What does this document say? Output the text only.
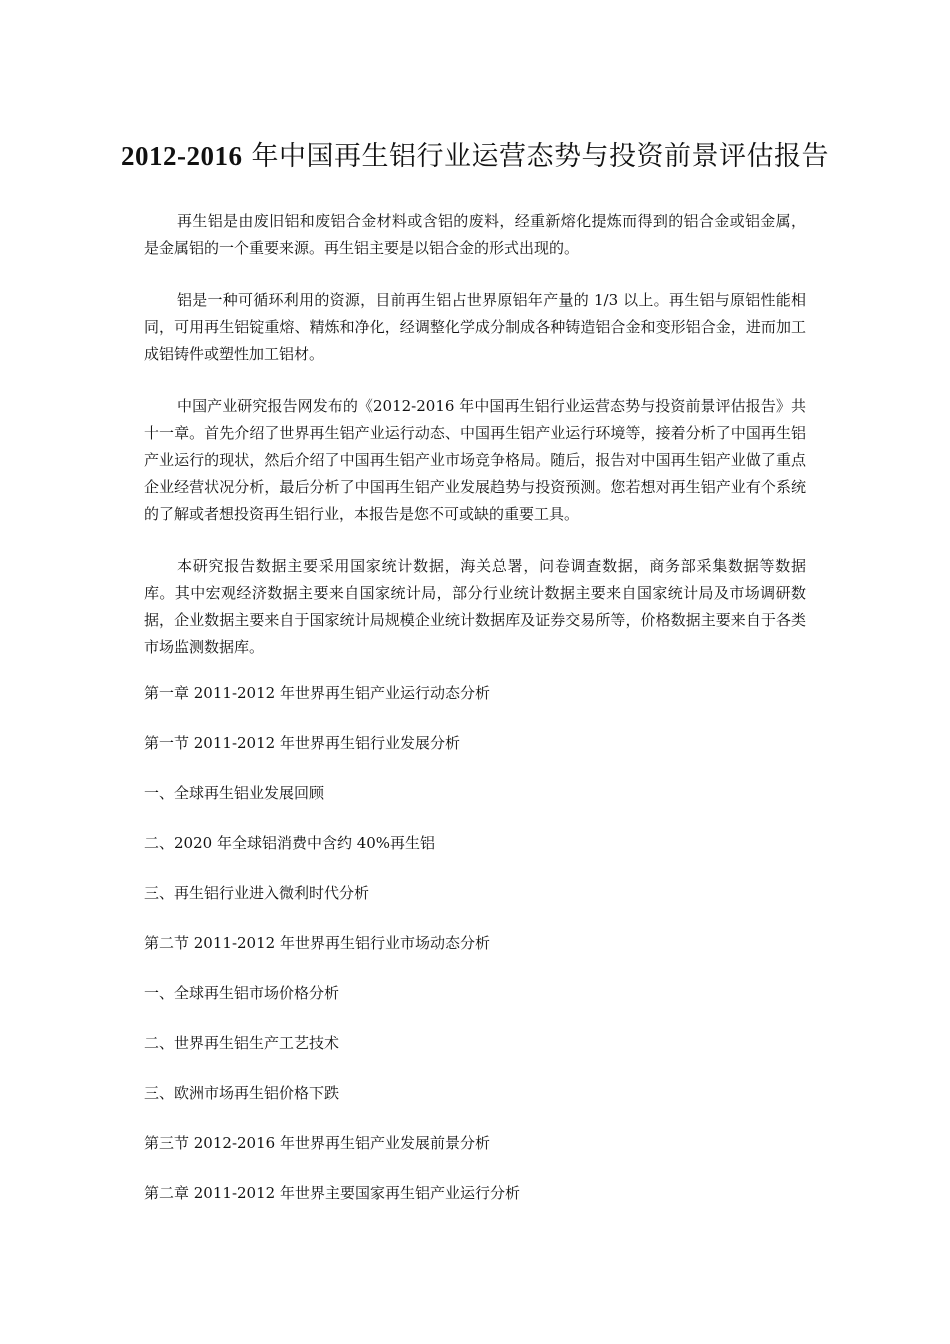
2012-2016 年中国再生铝行业运营态势与投资前景评估报告

再生铝是由废旧铝和废铝合金材料或含铝的废料，经重新熔化提炼而得到的铝合金或铝金属，是金属铝的一个重要来源。再生铝主要是以铝合金的形式出现的。

铝是一种可循环利用的资源，目前再生铝占世界原铝年产量的 1/3 以上。再生铝与原铝性能相同，可用再生铝锭重熔、精炼和净化，经调整化学成分制成各种铸造铝合金和变形铝合金，进而加工成铝铸件或塑性加工铝材。

中国产业研究报告网发布的《2012-2016 年中国再生铝行业运营态势与投资前景评估报告》共十一章。首先介绍了世界再生铝产业运行动态、中国再生铝产业运行环境等，接着分析了中国再生铝产业运行的现状，然后介绍了中国再生铝产业市场竞争格局。随后，报告对中国再生铝产业做了重点企业经营状况分析，最后分析了中国再生铝产业发展趋势与投资预测。您若想对再生铝产业有个系统的了解或者想投资再生铝行业，本报告是您不可或缺的重要工具。

本研究报告数据主要采用国家统计数据，海关总署，问卷调查数据，商务部采集数据等数据库。其中宏观经济数据主要来自国家统计局，部分行业统计数据主要来自国家统计局及市场调研数据，企业数据主要来自于国家统计局规模企业统计数据库及证券交易所等，价格数据主要来自于各类市场监测数据库。

第一章 2011-2012 年世界再生铝产业运行动态分析

第一节 2011-2012 年世界再生铝行业发展分析

一、全球再生铝业发展回顾

二、2020 年全球铝消费中含约 40%再生铝

三、再生铝行业进入微利时代分析

第二节 2011-2012 年世界再生铝行业市场动态分析

一、全球再生铝市场价格分析

二、世界再生铝生产工艺技术

三、欧洲市场再生铝价格下跌

第三节 2012-2016 年世界再生铝产业发展前景分析

第二章 2011-2012 年世界主要国家再生铝产业运行分析
